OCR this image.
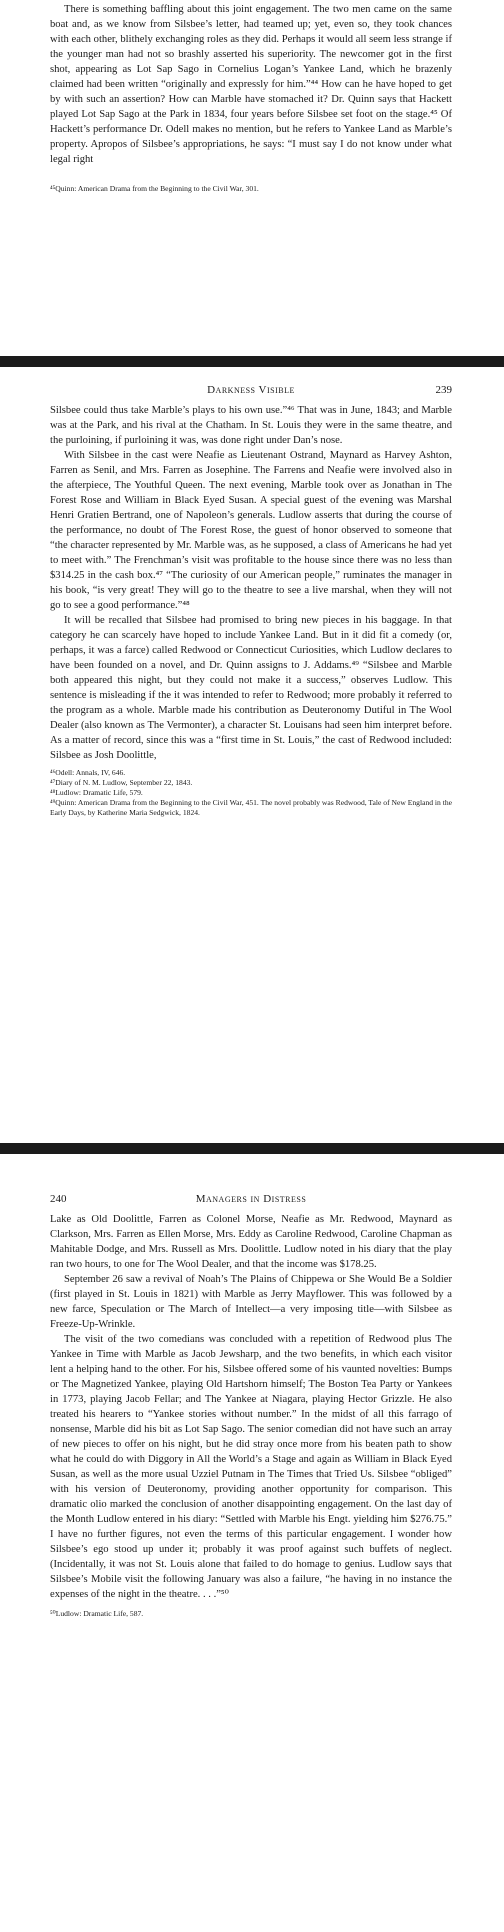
There is something baffling about this joint engagement. The two men came on the same boat and, as we know from Silsbee’s letter, had teamed up; yet, even so, they took chances with each other, blithely exchanging roles as they did. Perhaps it would all seem less strange if the younger man had not so brashly asserted his superiority. The newcomer got in the first shot, appearing as Lot Sap Sago in Cornelius Logan’s Yankee Land, which he brazenly claimed had been written “originally and expressly for him.”⁴⁴ How can he have hoped to get by with such an assertion? How can Marble have stomached it? Dr. Quinn says that Hackett played Lot Sap Sago at the Park in 1834, four years before Silsbee set foot on the stage.⁴⁵ Of Hackett’s performance Dr. Odell makes no mention, but he refers to Yankee Land as Marble’s property. Apropos of Silsbee’s appropriations, he says: “I must say I do not know under what legal right

⁴⁵Quinn: American Drama from the Beginning to the Civil War, 301.

Darkness Visible	239

Silsbee could thus take Marble’s plays to his own use.”⁴⁶ That was in June, 1843; and Marble was at the Park, and his rival at the Chatham. In St. Louis they were in the same theatre, and the purloining, if purloining it was, was done right under Dan’s nose.

With Silsbee in the cast were Neafie as Lieutenant Ostrand, Maynard as Harvey Ashton, Farren as Senil, and Mrs. Farren as Josephine. The Farrens and Neafie were involved also in the afterpiece, The Youthful Queen. The next evening, Marble took over as Jonathan in The Forest Rose and William in Black Eyed Susan. A special guest of the evening was Marshal Henri Gratien Bertrand, one of Napoleon’s generals. Ludlow asserts that during the course of the performance, no doubt of The Forest Rose, the guest of honor observed to someone that “the character represented by Mr. Marble was, as he supposed, a class of Americans he had yet to meet with.” The Frenchman’s visit was profitable to the house since there was no less than $314.25 in the cash box.⁴⁷ “The curiosity of our American people,” ruminates the manager in his book, “is very great! They will go to the theatre to see a live marshal, when they will not go to see a good performance.”⁴⁸

It will be recalled that Silsbee had promised to bring new pieces in his baggage. In that category he can scarcely have hoped to include Yankee Land. But in it did fit a comedy (or, perhaps, it was a farce) called Redwood or Connecticut Curiosities, which Ludlow declares to have been founded on a novel, and Dr. Quinn assigns to J. Addams.⁴⁹ “Silsbee and Marble both appeared this night, but they could not make it a success,” observes Ludlow. This sentence is misleading if the it was intended to refer to Redwood; more probably it referred to the program as a whole. Marble made his contribution as Deuteronomy Dutiful in The Wool Dealer (also known as The Vermonter), a character St. Louisans had seen him interpret before. As a matter of record, since this was a “first time in St. Louis,” the cast of Redwood included: Silsbee as Josh Doolittle,

⁴⁶Odell: Annals, IV, 646.

⁴⁷Diary of N. M. Ludlow, September 22, 1843.

⁴⁸Ludlow: Dramatic Life, 579.

⁴⁹Quinn: American Drama from the Beginning to the Civil War, 451. The novel probably was Redwood, Tale of New England in the Early Days, by Katherine Maria Sedgwick, 1824.

240	Managers in Distress

Lake as Old Doolittle, Farren as Colonel Morse, Neafie as Mr. Redwood, Maynard as Clarkson, Mrs. Farren as Ellen Morse, Mrs. Eddy as Caroline Redwood, Caroline Chapman as Mahitable Dodge, and Mrs. Russell as Mrs. Doolittle. Ludlow noted in his diary that the play ran two hours, to one for The Wool Dealer, and that the income was $178.25.

September 26 saw a revival of Noah’s The Plains of Chippewa or She Would Be a Soldier (first played in St. Louis in 1821) with Marble as Jerry Mayflower. This was followed by a new farce, Speculation or The March of Intellect—a very imposing title—with Silsbee as Freeze-Up-Wrinkle.

The visit of the two comedians was concluded with a repetition of Redwood plus The Yankee in Time with Marble as Jacob Jewsharp, and the two benefits, in which each visitor lent a helping hand to the other. For his, Silsbee offered some of his vaunted novelties: Bumps or The Magnetized Yankee, playing Old Hartshorn himself; The Boston Tea Party or Yankees in 1773, playing Jacob Fellar; and The Yankee at Niagara, playing Hector Grizzle. He also treated his hearers to “Yankee stories without number.” In the midst of all this farrago of nonsense, Marble did his bit as Lot Sap Sago. The senior comedian did not have such an array of new pieces to offer on his night, but he did stray once more from his beaten path to show what he could do with Diggory in All the World’s a Stage and again as William in Black Eyed Susan, as well as the more usual Uzziel Putnam in The Times that Tried Us. Silsbee “obliged” with his version of Deuteronomy, providing another opportunity for comparison. This dramatic olio marked the conclusion of another disappointing engagement. On the last day of the Month Ludlow entered in his diary: “Settled with Marble his Engt. yielding him $276.75.” I have no further figures, not even the terms of this particular engagement. I wonder how Silsbee’s ego stood up under it; probably it was proof against such buffets of neglect. (Incidentally, it was not St. Louis alone that failed to do homage to genius. Ludlow says that Silsbee’s Mobile visit the following January was also a failure, “he having in no instance the expenses of the night in the theatre. . . .”⁵⁰

⁵⁰Ludlow: Dramatic Life, 587.
